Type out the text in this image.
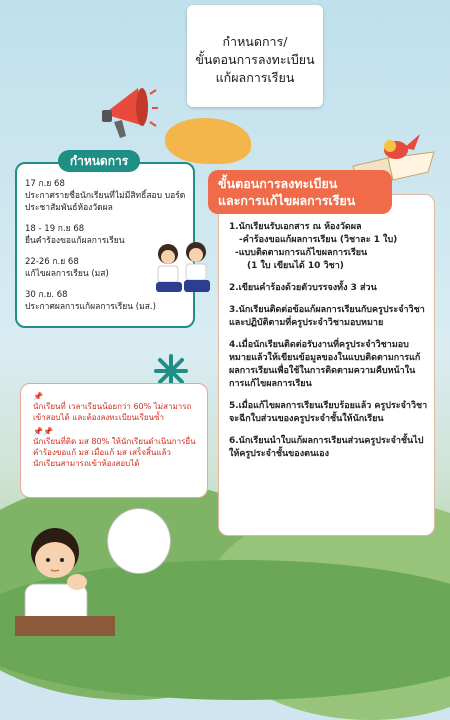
กำหนดการ/
ขั้นตอนการลงทะเบียน
แก้ผลการเรียน
17 ก.ย 68
ประกาศรายชื่อนักเรียนที่ไม่มีสิทธิ์สอบ บอร์ดประชาสัมพันธ์ห้องวัดผล
18 - 19 ก.ย 68
ยื่นคำร้องขอแก้ผลการเรียน
22-26 ก.ย 68
แก้ไขผลการเรียน (มส)
30 ก.ย. 68
ประกาศผลการแก้ผลการเรียน (มส.)
กำหนดการ
1.นักเรียนรับเอกสาร ณ ห้องวัดผล
-คำร้องขอแก้ผลการเรียน (วิชาละ 1 ใบ)
-แบบติดตามการแก้ไขผลการเรียน
(1 ใบ เขียนได้ 10 วิชา)
2.เขียนคำร้องด้วยตัวบรรจงทั้ง 3 ส่วน
3.นักเรียนติดต่อข้อแก้ผลการเรียนกับครูประจำวิชา และปฏิบัติตามที่ครูประจำวิชามอบหมาย
4.เมื่อนักเรียนติดต่อรับงานที่ครูประจำวิชามอบหมายแล้วให้เขียนข้อมูลของในแบบติดตามการแก้ผลการเรียนเพื่อใช้ในการติดตามความคืบหน้าในการแก้ไขผลการเรียน
5.เมื่อแก้ไขผลการเรียนเรียบร้อยแล้ว ครูประจำวิชาจะฉีกใบส่วนของครูประจำชั้นให้นักเรียน
6.นักเรียนนำใบแก้ผลการเรียนส่วนครูประจำชั้นไปให้ครูประจำชั้นของตนเอง
ขั้นตอนการลงทะเบียน
และการแก้ไขผลการเรียน
📌
นักเรียนที่ เวลาเรียนน้อยกว่า 60% ไม่สามารถเข้าสอบได้ และต้องลงทะเบียนเรียนซ้ำ
📌📌
นักเรียนที่ติด มส 80% ให้นักเรียนดำเนินการยื่นคำร้องขอแก้ มส เมื่อแก้ มส เสร็จสิ้นแล้ว นักเรียนสามารถเข้าห้องสอบได้
